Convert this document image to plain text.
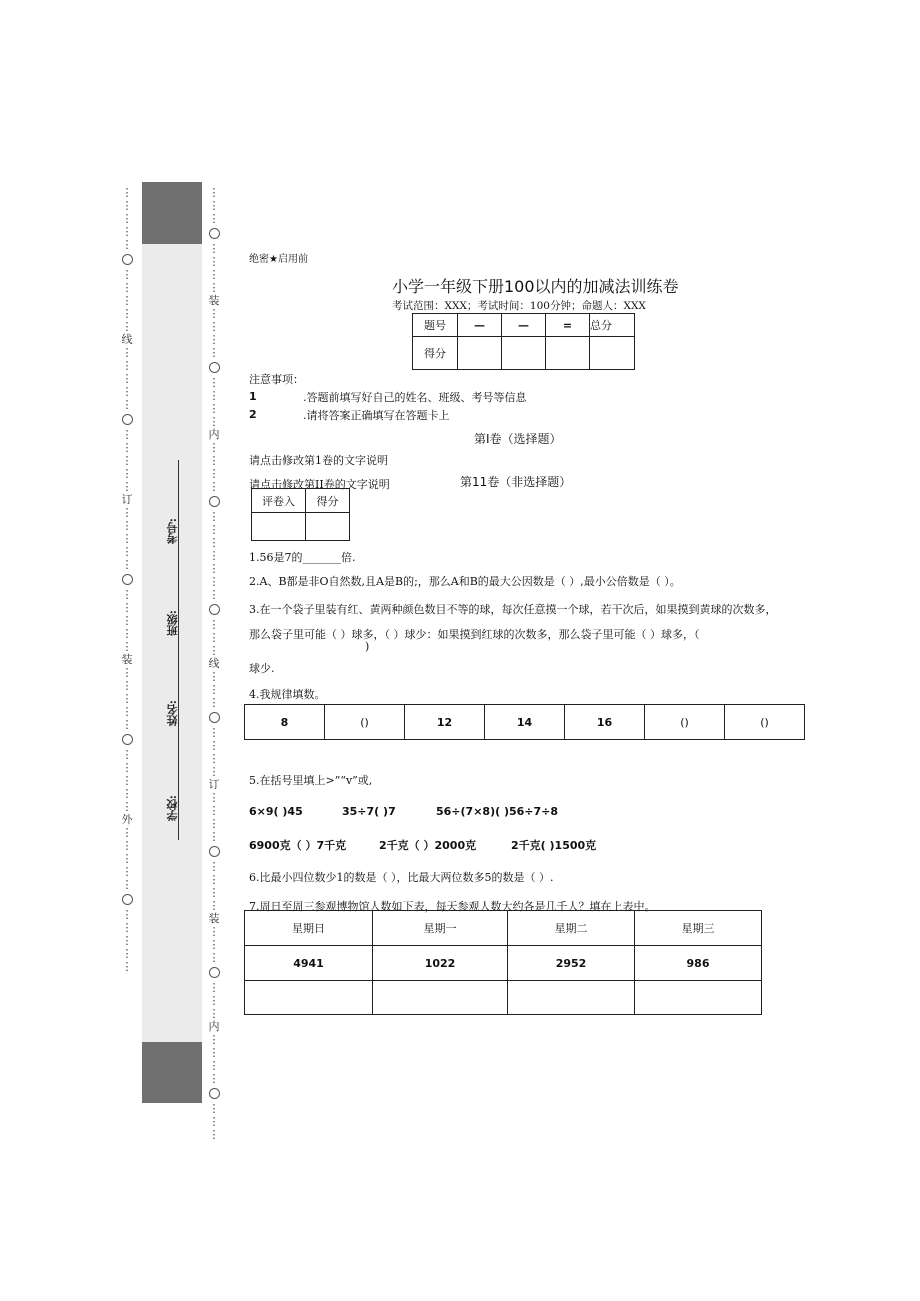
⋮
⋮
⋮
⋮
⋮
⋮
⋮
⋮
⋮
⋮
线
⋮
⋮
⋮
⋮
⋮
⋮
⋮
⋮
⋮
⋮
订
⋮
⋮
⋮
⋮
⋮
⋮
⋮
⋮
⋮
⋮
装
⋮
⋮
⋮
⋮
⋮
⋮
⋮
⋮
⋮
⋮
外
⋮
⋮
⋮
⋮
⋮
⋮
⋮
⋮
⋮
⋮
学校:
姓名:
班级:
考号:
⋮
⋮
⋮
⋮
⋮
⋮
⋮
装
⋮
⋮
⋮
⋮
⋮
⋮
⋮
⋮
内
⋮
⋮
⋮
⋮
⋮
⋮
⋮
⋮
⋮
⋮
⋮
⋮
⋮
⋮
线
⋮
⋮
⋮
⋮
⋮
⋮
⋮
订
⋮
⋮
⋮
⋮
⋮
⋮
⋮
⋮
装
⋮
⋮
⋮
⋮
⋮
⋮
内
⋮
⋮
⋮
⋮
⋮
⋮
⋮
绝密★启用前
小学一年级下册100以内的加减法训练卷
考试范围：XXX；考试时间：100分钟；命题人：XXX
题号	—	—	=	总分
得分				
注意事项：
1	.答题前填写好自己的姓名、班级、考号等信息
2	.请将答案正确填写在答题卡上
第I卷（选择题）
请点击修改第1卷的文字说明
请点击修改第II卷的文字说明	第11卷（非选择题）
评卷入	得分

1.56是7的_______倍.
2.A、B都是非O自然数,且A是B的;，那么A和B的最大公因数是（ ）,最小公倍数是（ ）。
3.在一个袋子里装有红、黄两种颜色数目不等的球，每次任意摸一个球，若干次后，如果摸到黄球的次数多，
那么袋子里可能（ ）球多，（ ）球少：如果摸到红球的次数多，那么袋子里可能（ ）球多，（
)
球少.
4.我规律填数。
8	()	12	14	16	()	()
5.在括号里填上>”“v”或,
6×9( )45	35÷7( )7	56÷(7×8)( )56÷7÷8
6900克（ ）7千克	2千克（ ）2000克	2千克( )1500克
6.比最小四位数少1的数是（ ），比最大两位数多5的数是（ ）.
7.周日至周三参观博物馆人数如下表，每天参观人数大约各是几千人？填在上表中。
星期日	星期一	星期二	星期三
4941	1022	2952	986
